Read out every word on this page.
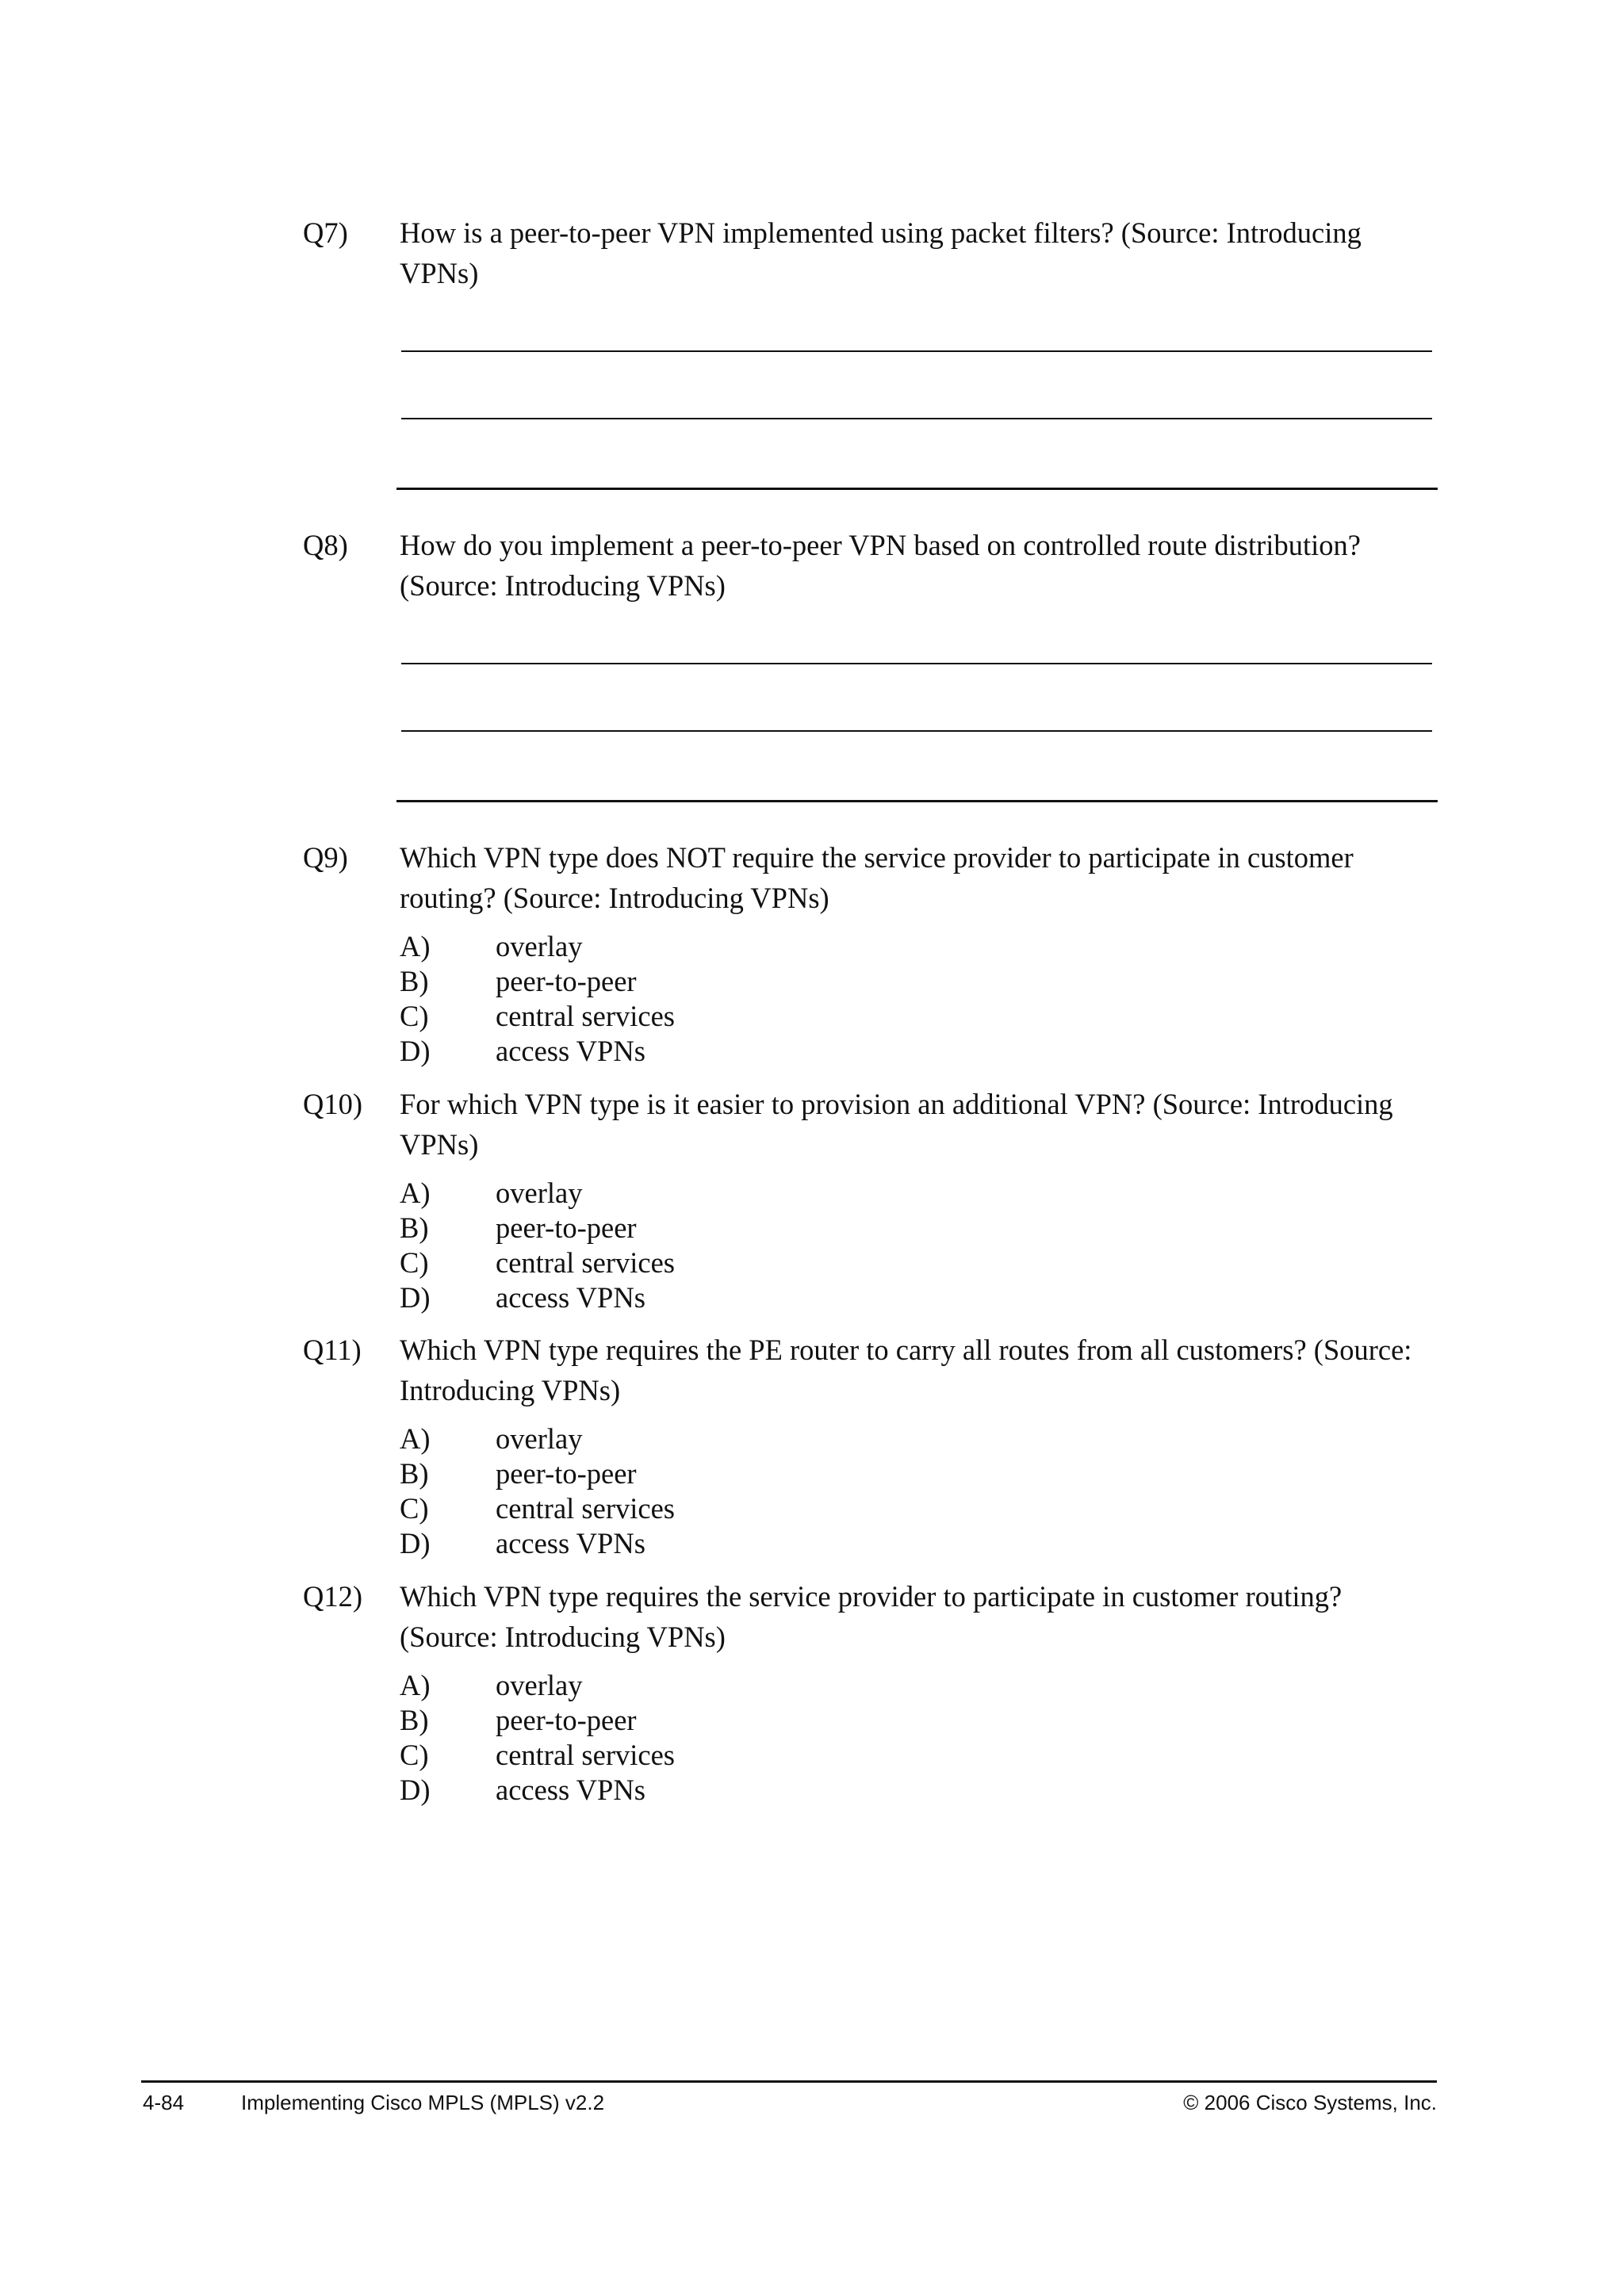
Q7) How is a peer-to-peer VPN implemented using packet filters? (Source: Introducing VPNs)
Q8) How do you implement a peer-to-peer VPN based on controlled route distribution? (Source: Introducing VPNs)
Q9) Which VPN type does NOT require the service provider to participate in customer routing? (Source: Introducing VPNs)
A)	overlay
B)	peer-to-peer
C)	central services
D)	access VPNs
Q10) For which VPN type is it easier to provision an additional VPN? (Source: Introducing VPNs)
A)	overlay
B)	peer-to-peer
C)	central services
D)	access VPNs
Q11) Which VPN type requires the PE router to carry all routes from all customers? (Source: Introducing VPNs)
A)	overlay
B)	peer-to-peer
C)	central services
D)	access VPNs
Q12) Which VPN type requires the service provider to participate in customer routing? (Source: Introducing VPNs)
A)	overlay
B)	peer-to-peer
C)	central services
D)	access VPNs
4-84	Implementing Cisco MPLS (MPLS) v2.2	© 2006 Cisco Systems, Inc.
